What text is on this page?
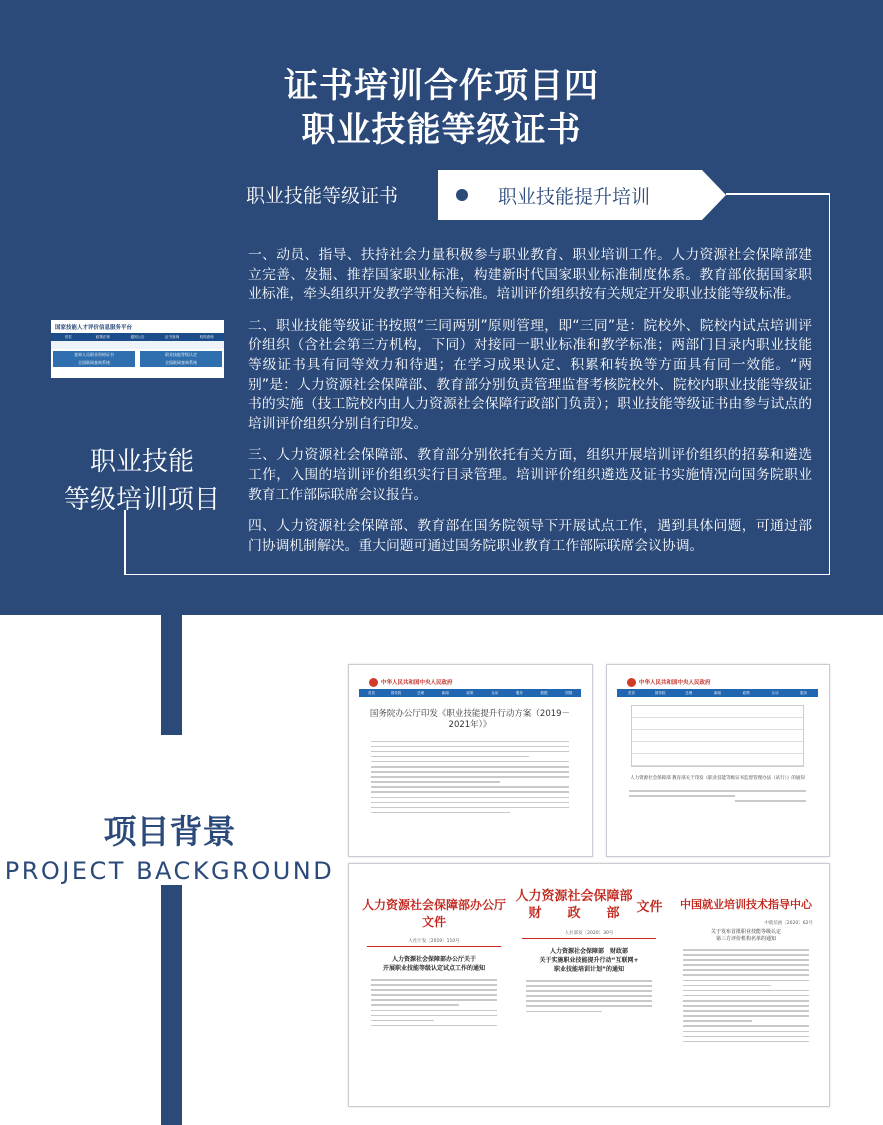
证书培训合作项目四
职业技能等级证书
职业技能等级证书	职业技能提升培训
国家技能人才评价信息服务平台
首页	政策法规	通知公告	证书查询	机构查询
查询人员职业资格证书
全国联网查询系统
职业技能等级认定
全国联网查询系统
职业技能
等级培训项目

一、动员、指导、扶持社会力量积极参与职业教育、职业培训工作。人力资源社会保障部建立完善、发掘、推荐国家职业标准，构建新时代国家职业标准制度体系。教育部依据国家职业标准，牵头组织开发教学等相关标准。培训评价组织按有关规定开发职业技能等级标准。

二、职业技能等级证书按照“三同两别”原则管理，即“三同”是：院校外、院校内试点培训评价组织（含社会第三方机构，下同）对接同一职业标准和教学标准；两部门目录内职业技能等级证书具有同等效力和待遇；在学习成果认定、积累和转换等方面具有同一效能。“两别”是：人力资源社会保障部、教育部分别负责管理监督考核院校外、院校内职业技能等级证书的实施（技工院校内由人力资源社会保障行政部门负责）；职业技能等级证书由参与试点的培训评价组织分别自行印发。

三、人力资源社会保障部、教育部分别依托有关方面，组织开展培训评价组织的招募和遴选工作，入围的培训评价组织实行目录管理。培训评价组织遴选及证书实施情况向国务院职业教育工作部际联席会议报告。

四、人力资源社会保障部、教育部在国务院领导下开展试点工作，遇到具体问题，可通过部门协调机制解决。重大问题可通过国务院职业教育工作部际联席会议协调。

项目背景
PROJECT BACKGROUND
中华人民共和国中央人民政府
首页	国务院	总理	新闻	政策	互动	服务	数据	国情
国务院办公厅印发《职业技能提升行动方案（2019－2021年）》
中华人民共和国中央人民政府
首页	国务院	总理	新闻	政策	互动	服务
人力资源社会保障部 教育部关于印发《职业技能等级证书监督管理办法（试行）》的通知
人力资源社会保障部办公厅文件
人社厅发〔2019〕110号
人力资源社会保障部办公厅关于
开展职业技能等级认定试点工作的通知
人力资源社会保障部
财　　政　　部	文件
人社部发〔2020〕30号
人力资源社会保障部　财政部
关于实施职业技能提升行动“互联网+
职业技能培训计划”的通知
中国就业培训技术指导中心
中就培函〔2020〕62号
关于发布首批职业技能等级认定
第三方评价机构名单的通知
